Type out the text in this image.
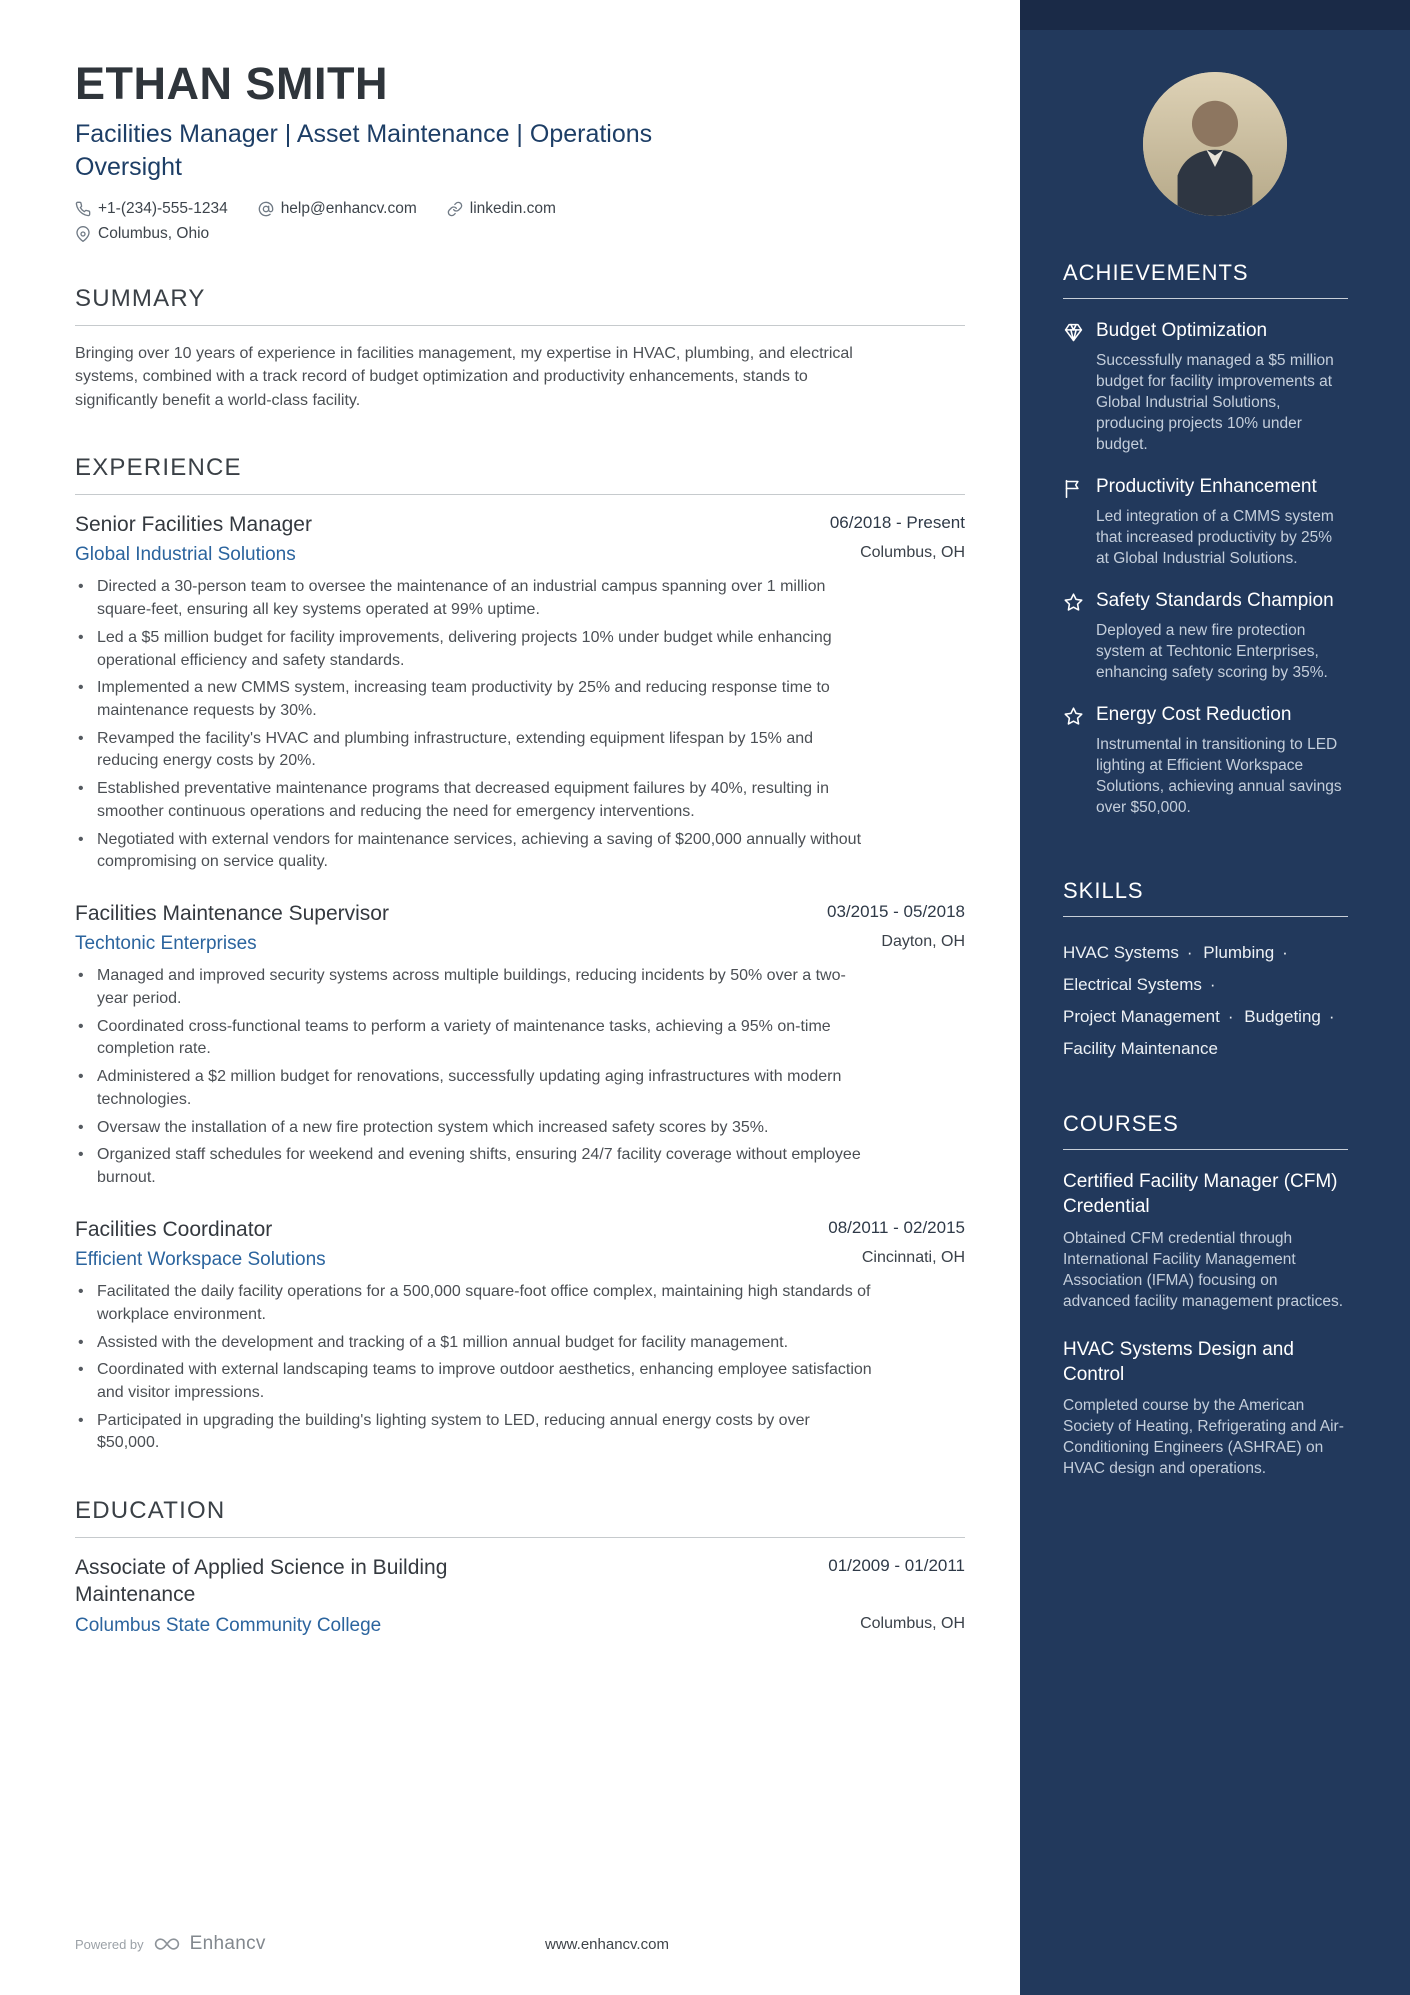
ETHAN SMITH
Facilities Manager | Asset Maintenance | Operations Oversight
+1-(234)-555-1234	help@enhancv.com	linkedin.com
Columbus, Ohio
SUMMARY

Bringing over 10 years of experience in facilities management, my expertise in HVAC, plumbing, and electrical systems, combined with a track record of budget optimization and productivity enhancements, stands to significantly benefit a world-class facility.

EXPERIENCE
Senior Facilities Manager	06/2018 - Present
Global Industrial Solutions	Columbus, OH
• Directed a 30-person team to oversee the maintenance of an industrial campus spanning over 1 million square-feet, ensuring all key systems operated at 99% uptime.
• Led a $5 million budget for facility improvements, delivering projects 10% under budget while enhancing operational efficiency and safety standards.
• Implemented a new CMMS system, increasing team productivity by 25% and reducing response time to maintenance requests by 30%.
• Revamped the facility's HVAC and plumbing infrastructure, extending equipment lifespan by 15% and reducing energy costs by 20%.
• Established preventative maintenance programs that decreased equipment failures by 40%, resulting in smoother continuous operations and reducing the need for emergency interventions.
• Negotiated with external vendors for maintenance services, achieving a saving of $200,000 annually without compromising on service quality.
Facilities Maintenance Supervisor	03/2015 - 05/2018
Techtonic Enterprises	Dayton, OH
• Managed and improved security systems across multiple buildings, reducing incidents by 50% over a two-year period.
• Coordinated cross-functional teams to perform a variety of maintenance tasks, achieving a 95% on-time completion rate.
• Administered a $2 million budget for renovations, successfully updating aging infrastructures with modern technologies.
• Oversaw the installation of a new fire protection system which increased safety scores by 35%.
• Organized staff schedules for weekend and evening shifts, ensuring 24/7 facility coverage without employee burnout.
Facilities Coordinator	08/2011 - 02/2015
Efficient Workspace Solutions	Cincinnati, OH
• Facilitated the daily facility operations for a 500,000 square-foot office complex, maintaining high standards of workplace environment.
• Assisted with the development and tracking of a $1 million annual budget for facility management.
• Coordinated with external landscaping teams to improve outdoor aesthetics, enhancing employee satisfaction and visitor impressions.
• Participated in upgrading the building's lighting system to LED, reducing annual energy costs by over $50,000.
EDUCATION
Associate of Applied Science in Building Maintenance
01/2009 - 01/2011
Columbus State Community College	Columbus, OH
Powered by Enhancv	www.enhancv.com
ACHIEVEMENTS
Budget Optimization
Successfully managed a $5 million budget for facility improvements at Global Industrial Solutions, producing projects 10% under budget.
Productivity Enhancement
Led integration of a CMMS system that increased productivity by 25% at Global Industrial Solutions.
Safety Standards Champion
Deployed a new fire protection system at Techtonic Enterprises, enhancing safety scoring by 35%.
Energy Cost Reduction
Instrumental in transitioning to LED lighting at Efficient Workspace Solutions, achieving annual savings over $50,000.
SKILLS
HVAC Systems · Plumbing · Electrical Systems · Project Management · Budgeting · Facility Maintenance
COURSES
Certified Facility Manager (CFM) Credential
Obtained CFM credential through International Facility Management Association (IFMA) focusing on advanced facility management practices.
HVAC Systems Design and Control
Completed course by the American Society of Heating, Refrigerating and Air-Conditioning Engineers (ASHRAE) on HVAC design and operations.
